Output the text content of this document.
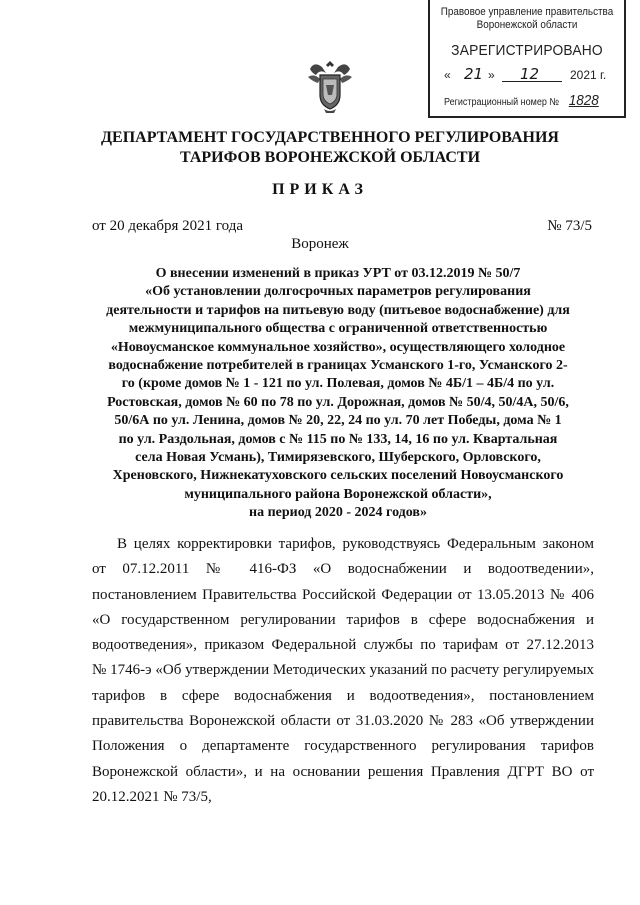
Правовое управление правительства
Воронежской области
ЗАРЕГИСТРИРОВАНО
« 21 » 12	2021 г.
Регистрационный номер № 1828
ДЕПАРТАМЕНТ ГОСУДАРСТВЕННОГО РЕГУЛИРОВАНИЯ
ТАРИФОВ ВОРОНЕЖСКОЙ ОБЛАСТИ
ПРИКАЗ
от 20 декабря 2021 года	№ 73/5
Воронеж
О внесении изменений в приказ УРТ от 03.12.2019 № 50/7
«Об установлении долгосрочных параметров регулирования
деятельности и тарифов на питьевую воду (питьевое водоснабжение) для
межмуниципального общества с ограниченной ответственностью
«Новоусманское коммунальное хозяйство», осуществляющего холодное
водоснабжение потребителей в границах Усманского 1-го, Усманского 2-
го (кроме домов № 1 - 121 по ул. Полевая, домов № 4Б/1 – 4Б/4 по ул.
Ростовская, домов № 60 по 78 по ул. Дорожная, домов № 50/4, 50/4А, 50/6,
50/6А по ул. Ленина, домов № 20, 22, 24 по ул. 70 лет Победы, дома № 1
по ул. Раздольная, домов с № 115 по № 133, 14, 16 по ул. Квартальная
села Новая Усмань), Тимирязевского, Шуберского, Орловского,
Хреновского, Нижнекатуховского сельских поселений Новоусманского
муниципального района Воронежской области»,
на период 2020 - 2024 годов»
В целях корректировки тарифов, руководствуясь Федеральным законом
от 07.12.2011 № 416-ФЗ «О водоснабжении и водоотведении»,
постановлением Правительства Российской Федерации от 13.05.2013 № 406
«О государственном регулировании тарифов в сфере водоснабжения и
водоотведения», приказом Федеральной службы по тарифам от 27.12.2013
№ 1746-э «Об утверждении Методических указаний по расчету регулируемых
тарифов в сфере водоснабжения и водоотведения», постановлением
правительства Воронежской области от 31.03.2020 № 283 «Об утверждении
Положения о департаменте государственного регулирования тарифов
Воронежской области», и на основании решения Правления ДГРТ ВО от
20.12.2021 № 73/5,
